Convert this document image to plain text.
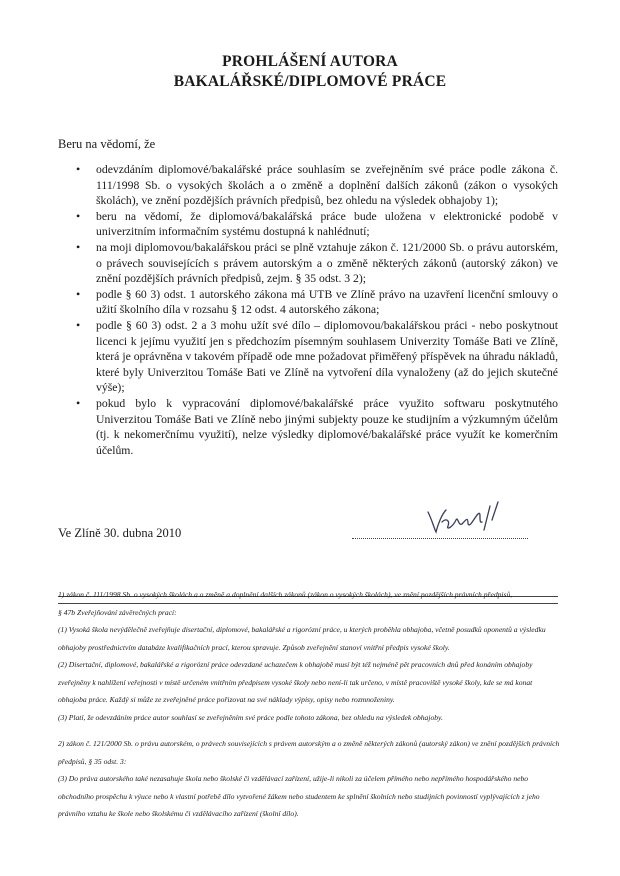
PROHLÁŠENÍ AUTORA
BAKALÁŘSKÉ/DIPLOMOVÉ PRÁCE

Beru na vědomí, že

• odevzdáním diplomové/bakalářské práce souhlasím se zveřejněním své práce podle zákona č. 111/1998 Sb. o vysokých školách a o změně a doplnění dalších zákonů (zákon o vysokých školách), ve znění pozdějších právních předpisů, bez ohledu na výsledek obhajoby 1);
• beru na vědomí, že diplomová/bakalářská práce bude uložena v elektronické podobě v univerzitním informačním systému dostupná k nahlédnutí;
• na moji diplomovou/bakalářskou práci se plně vztahuje zákon č. 121/2000 Sb. o právu autorském, o právech souvisejících s právem autorským a o změně některých zákonů (autorský zákon) ve znění pozdějších právních předpisů, zejm. § 35 odst. 3 2);
• podle § 60 3) odst. 1 autorského zákona má UTB ve Zlíně právo na uzavření licenční smlouvy o užití školního díla v rozsahu § 12 odst. 4 autorského zákona;
• podle § 60 3) odst. 2 a 3 mohu užít své dílo – diplomovou/bakalářskou práci - nebo poskytnout licenci k jejímu využití jen s předchozím písemným souhlasem Univerzity Tomáše Bati ve Zlíně, která je oprávněna v takovém případě ode mne požadovat přiměřený příspěvek na úhradu nákladů, které byly Univerzitou Tomáše Bati ve Zlíně na vytvoření díla vynaloženy (až do jejich skutečné výše);
• pokud bylo k vypracování diplomové/bakalářské práce využito softwaru poskytnutého Univerzitou Tomáše Bati ve Zlíně nebo jinými subjekty pouze ke studijním a výzkumným účelům (tj. k nekomerčnímu využití), nelze výsledky diplomové/bakalářské práce využít ke komerčním účelům.

Ve Zlíně 30. dubna 2010

1) zákon č. 111/1998 Sb. o vysokých školách a o změně a doplnění dalších zákonů (zákon o vysokých školách), ve znění pozdějších právních předpisů,

§ 47b Zveřejňování závěrečných prací:

(1) Vysoká škola nevýdělečně zveřejňuje disertační, diplomové, bakalářské a rigorózní práce, u kterých proběhla obhajoba, včetně posudků oponentů a výsledku obhajoby prostřednictvím databáze kvalifikačních prací, kterou spravuje. Způsob zveřejnění stanoví vnitřní předpis vysoké školy.

(2) Disertační, diplomové, bakalářské a rigorózní práce odevzdané uchazečem k obhajobě musí být též nejméně pět pracovních dnů před konáním obhajoby zveřejněny k nahlížení veřejnosti v místě určeném vnitřním předpisem vysoké školy nebo není-li tak určeno, v místě pracoviště vysoké školy, kde se má konat obhajoba práce. Každý si může ze zveřejněné práce pořizovat na své náklady výpisy, opisy nebo rozmnoženiny.

(3) Platí, že odevzdáním práce autor souhlasí se zveřejněním své práce podle tohoto zákona, bez ohledu na výsledek obhajoby.

2) zákon č. 121/2000 Sb. o právu autorském, o právech souvisejících s právem autorským a o změně některých zákonů (autorský zákon) ve znění pozdějších právních předpisů, § 35 odst. 3:

(3) Do práva autorského také nezasahuje škola nebo školské či vzdělávací zařízení, užije-li nikoli za účelem přímého nebo nepřímého hospodářského nebo obchodního prospěchu k výuce nebo k vlastní potřebě dílo vytvořené žákem nebo studentem ke splnění školních nebo studijních povinností vyplývajících z jeho právního vztahu ke škole nebo školskému či vzdělávacího zařízení (školní dílo).
